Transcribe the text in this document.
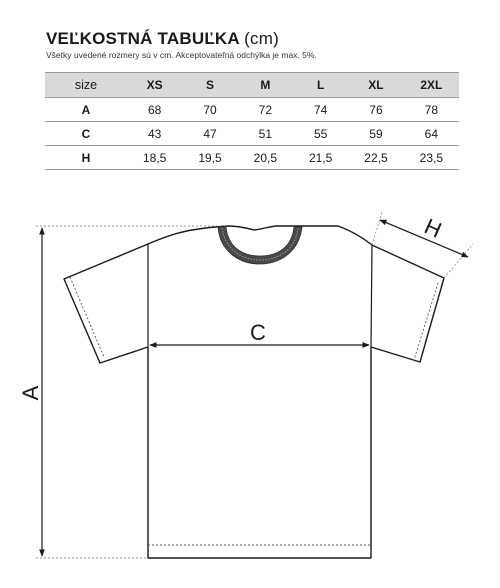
VEĽKOSTNÁ TABUĽKA (cm)
Všetky uvedené rozmery sú v cm. Akceptovateľná odchýlka je max. 5%.
size	XS	S	M	L	XL	2XL
A	68	70	72	74	76	78
C	43	47	51	55	59	64
H	18,5	19,5	20,5	21,5	22,5	23,5
A
C
H
